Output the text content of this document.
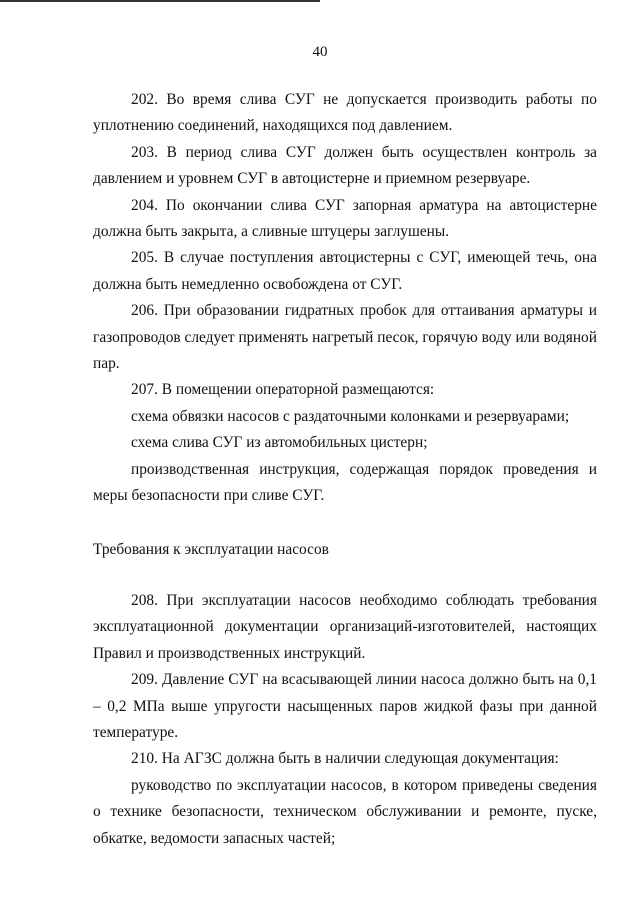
40

202. Во время слива СУГ не допускается производить работы по уплотнению соединений, находящихся под давлением.

203. В период слива СУГ должен быть осуществлен контроль за давлением и уровнем СУГ в автоцистерне и приемном резервуаре.

204. По окончании слива СУГ запорная арматура на автоцистерне должна быть закрыта, а сливные штуцеры заглушены.

205. В случае поступления автоцистерны с СУГ, имеющей течь, она должна быть немедленно освобождена от СУГ.

206. При образовании гидратных пробок для оттаивания арматуры и газопроводов следует применять нагретый песок, горячую воду или водяной пар.

207. В помещении операторной размещаются:

схема обвязки насосов с раздаточными колонками и резервуарами;

схема слива СУГ из автомобильных цистерн;

производственная инструкция, содержащая порядок проведения и меры безопасности при сливе СУГ.

Требования к эксплуатации насосов

208. При эксплуатации насосов необходимо соблюдать требования эксплуатационной документации организаций-изготовителей, настоящих Правил и производственных инструкций.

209. Давление СУГ на всасывающей линии насоса должно быть на 0,1 – 0,2 МПа выше упругости насыщенных паров жидкой фазы при данной температуре.

210. На АГЗС должна быть в наличии следующая документация:

руководство по эксплуатации насосов, в котором приведены сведения о технике безопасности, техническом обслуживании и ремонте, пуске, обкатке, ведомости запасных частей;
